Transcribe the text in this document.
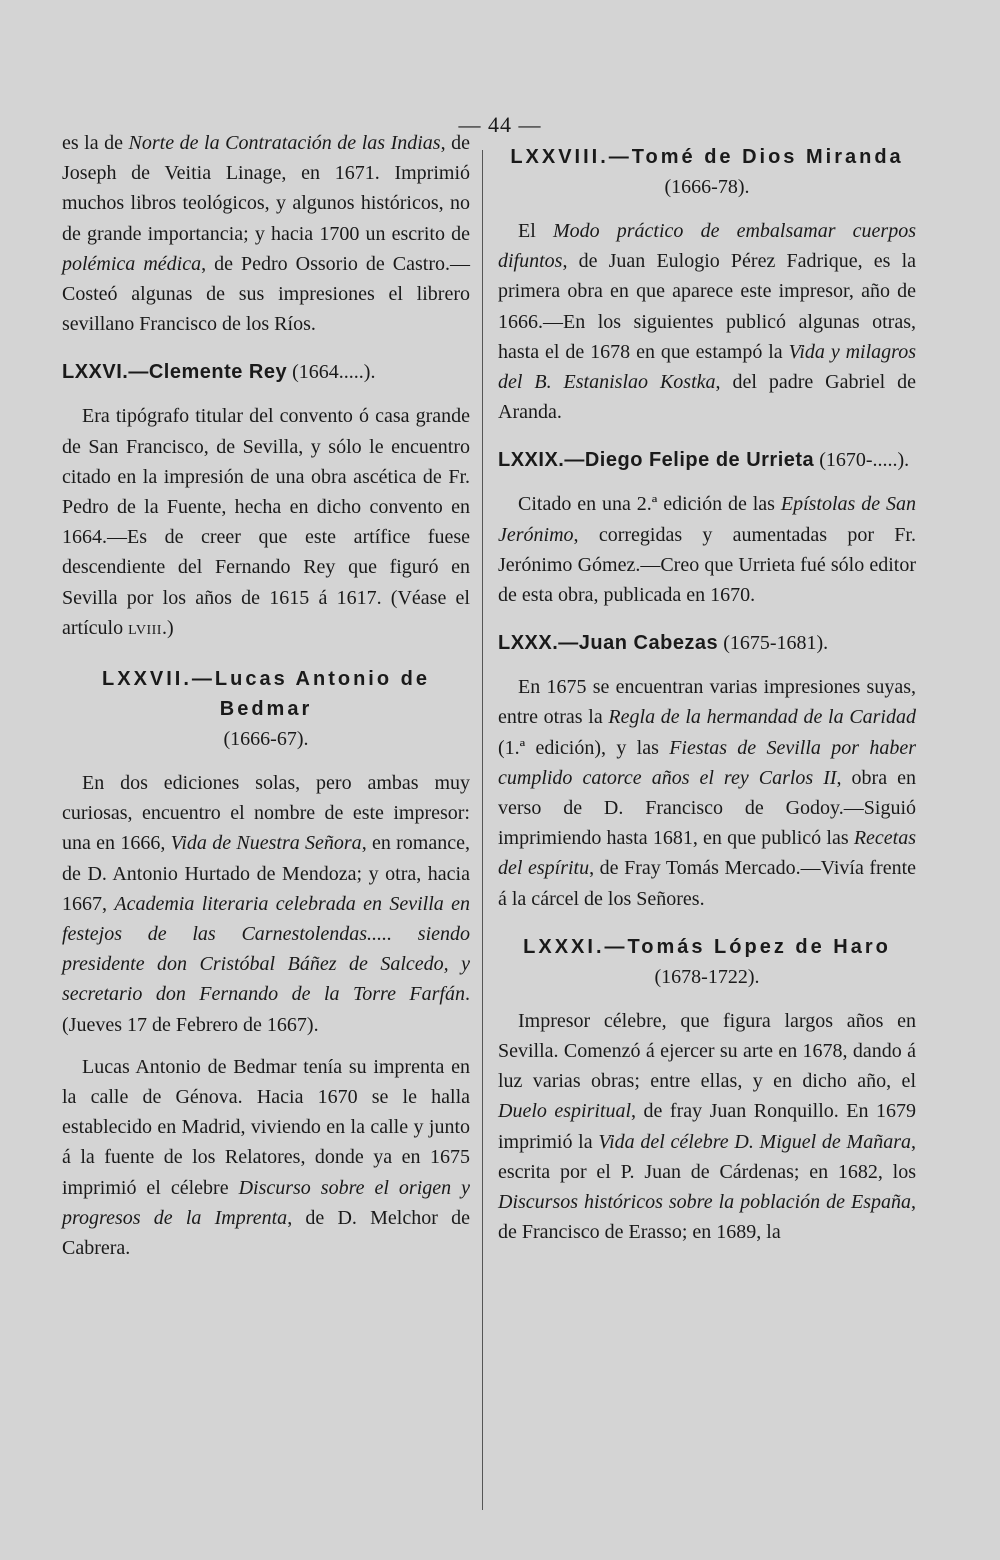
— 44 —

es la de Norte de la Contratación de las Indias, de Joseph de Veitia Linage, en 1671. Imprimió muchos libros teológicos, y algunos históricos, no de grande importancia; y hacia 1700 un escrito de polémica médica, de Pedro Ossorio de Castro.—Costeó algunas de sus impresiones el librero sevillano Francisco de los Ríos.

LXXVI.—Clemente Rey (1664.....).

Era tipógrafo titular del convento ó casa grande de San Francisco, de Sevilla, y sólo le encuentro citado en la impresión de una obra ascética de Fr. Pedro de la Fuente, hecha en dicho convento en 1664.—Es de creer que este artífice fuese descendiente del Fernando Rey que figuró en Sevilla por los años de 1615 á 1617. (Véase el artículo LVIII.)

LXXVII.—Lucas Antonio de Bedmar
(1666-67).

En dos ediciones solas, pero ambas muy curiosas, encuentro el nombre de este impresor: una en 1666, Vida de Nuestra Señora, en romance, de D. Antonio Hurtado de Mendoza; y otra, hacia 1667, Academia literaria celebrada en Sevilla en festejos de las Carnestolendas..... siendo presidente don Cristóbal Báñez de Salcedo, y secretario don Fernando de la Torre Farfán. (Jueves 17 de Febrero de 1667).

Lucas Antonio de Bedmar tenía su imprenta en la calle de Génova. Hacia 1670 se le halla establecido en Madrid, viviendo en la calle y junto á la fuente de los Relatores, donde ya en 1675 imprimió el célebre Discurso sobre el origen y progresos de la Imprenta, de D. Melchor de Cabrera.

LXXVIII.—Tomé de Dios Miranda
(1666-78).

El Modo práctico de embalsamar cuerpos difuntos, de Juan Eulogio Pérez Fadrique, es la primera obra en que aparece este impresor, año de 1666.—En los siguientes publicó algunas otras, hasta el de 1678 en que estampó la Vida y milagros del B. Estanislao Kostka, del padre Gabriel de Aranda.

LXXIX.—Diego Felipe de Urrieta (1670-.....).

Citado en una 2.ª edición de las Epístolas de San Jerónimo, corregidas y aumentadas por Fr. Jerónimo Gómez.—Creo que Urrieta fué sólo editor de esta obra, publicada en 1670.

LXXX.—Juan Cabezas (1675-1681).

En 1675 se encuentran varias impresiones suyas, entre otras la Regla de la hermandad de la Caridad (1.ª edición), y las Fiestas de Sevilla por haber cumplido catorce años el rey Carlos II, obra en verso de D. Francisco de Godoy.—Siguió imprimiendo hasta 1681, en que publicó las Recetas del espíritu, de Fray Tomás Mercado.—Vivía frente á la cárcel de los Señores.

LXXXI.—Tomás López de Haro
(1678-1722).

Impresor célebre, que figura largos años en Sevilla. Comenzó á ejercer su arte en 1678, dando á luz varias obras; entre ellas, y en dicho año, el Duelo espiritual, de fray Juan Ronquillo. En 1679 imprimió la Vida del célebre D. Miguel de Mañara, escrita por el P. Juan de Cárdenas; en 1682, los Discursos históricos sobre la población de España, de Francisco de Erasso; en 1689, la
